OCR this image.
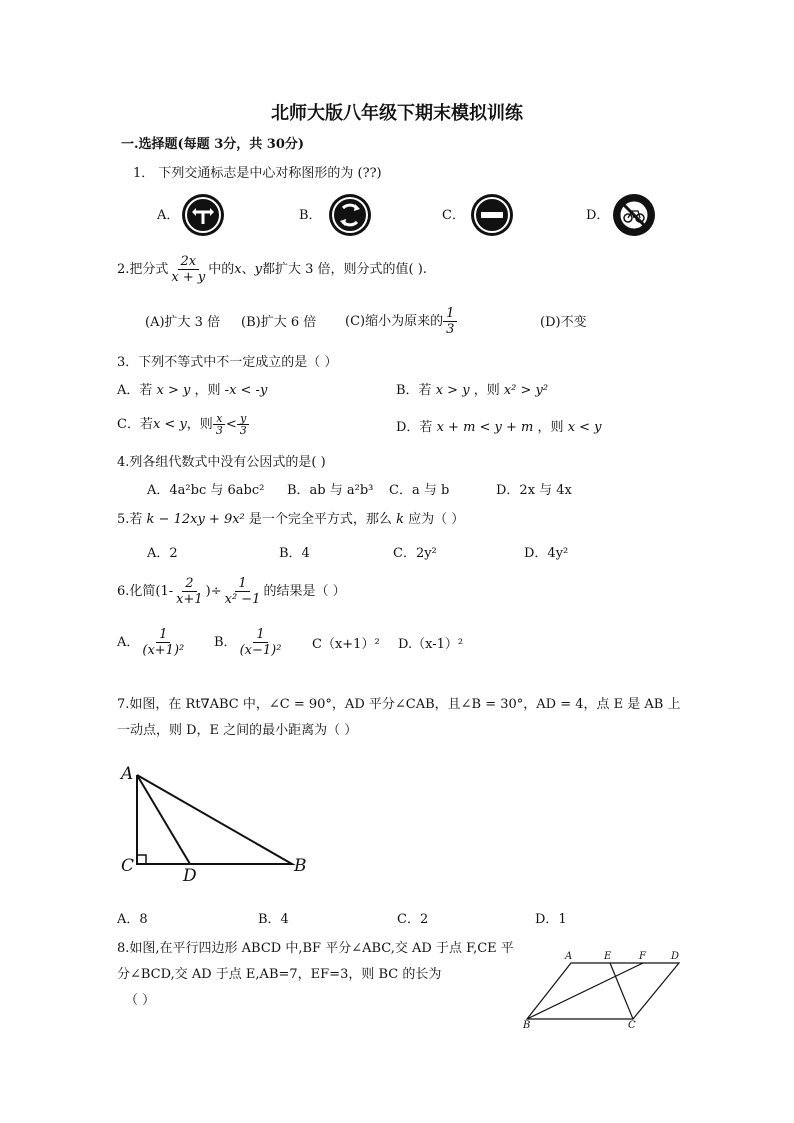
北师大版八年级下期末模拟训练
一.选择题(每题 3分，共 30分)
1． 下列交通标志是中心对称图形的为 (??)
A．	B．	C．	D．
2.把分式 $\frac{2x}{x + y}$ 中的 x 、 y 都扩大 3 倍，则分式的值( ).
(A)扩大 3 倍 (B)扩大 6 倍 (C)缩小为原来的 $\frac{1}{3}$	(D)不变
3．下列不等式中不一定成立的是（ ）
A．若 x > y ，则 -x < -y	B．若 x > y ，则 x² > y²
C．若 x < y ，则 $\frac{x}{3} < \frac{y}{3}$	D．若 x + m < y + m ，则 x < y
4.列各组代数式中没有公因式的是( )
A．4a²bc 与 6abc² B．ab 与 a²b³ C．a 与 b	D．2x 与 4x
5.若 k − 12xy + 9x² 是一个完全平方式，那么 k 应为（ ）
A．2	B．4	C．2y²	D．4y²
6.化简($1- \frac{2}{x+1}$ )÷ $\frac{1}{\text{x² −1}}$ 的结果是（ ）
A． $\frac{1}{\text{(x+1)²}}$ B． $\frac{1}{\text{(x−1)²}} C(x+1)^2$ D.（x-1）²
7.如图，在 Rt∇ABC 中，∠C = 90°，AD 平分∠CAB，且∠B = 30°，AD = 4，点 E 是 AB 上
一动点，则 D，E 之间的最小距离为（ ）
A
C	D	B
A．8	B．4	C．2	D．1
8.如图,在平行四边形 ABCD 中,BF 平分∠ABC,交 AD 于点 F,CE 平
分∠BCD,交 AD 于点 E,AB=7，EF=3，则 BC 的长为
（ ）
A	E	F	D
B	C
